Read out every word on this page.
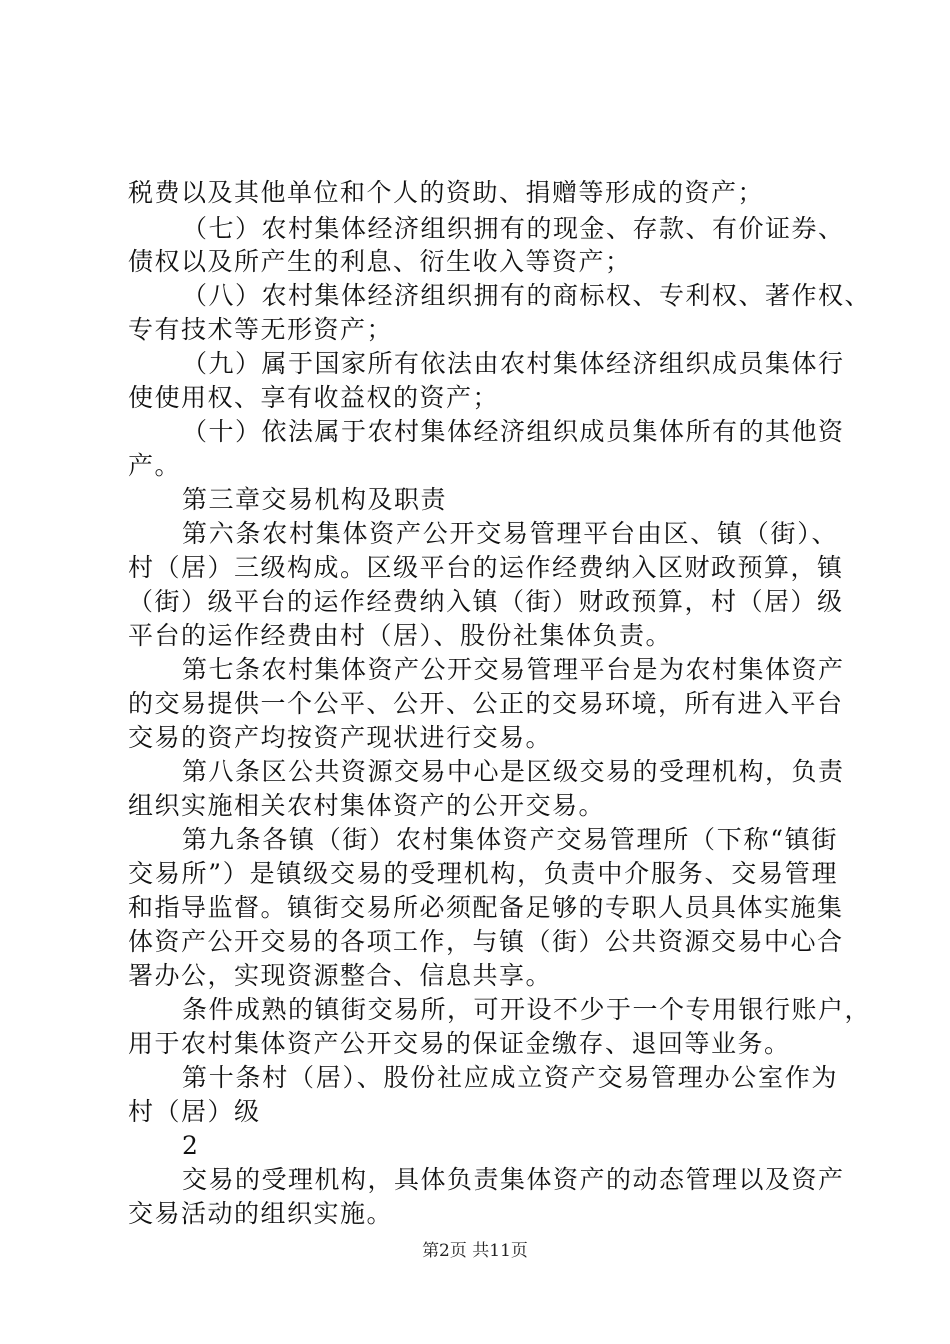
税费以及其他单位和个人的资助、捐赠等形成的资产；
（七）农村集体经济组织拥有的现金、存款、有价证券、
债权以及所产生的利息、衍生收入等资产；
（八）农村集体经济组织拥有的商标权、专利权、著作权、
专有技术等无形资产；
（九）属于国家所有依法由农村集体经济组织成员集体行
使使用权、享有收益权的资产；
（十）依法属于农村集体经济组织成员集体所有的其他资
产。
第三章交易机构及职责
第六条农村集体资产公开交易管理平台由区、镇（街）、
村（居）三级构成。区级平台的运作经费纳入区财政预算，镇
（街）级平台的运作经费纳入镇（街）财政预算，村（居）级
平台的运作经费由村（居）、股份社集体负责。
第七条农村集体资产公开交易管理平台是为农村集体资产
的交易提供一个公平、公开、公正的交易环境，所有进入平台
交易的资产均按资产现状进行交易。
第八条区公共资源交易中心是区级交易的受理机构，负责
组织实施相关农村集体资产的公开交易。
第九条各镇（街）农村集体资产交易管理所（下称“镇街
交易所”）是镇级交易的受理机构，负责中介服务、交易管理
和指导监督。镇街交易所必须配备足够的专职人员具体实施集
体资产公开交易的各项工作，与镇（街）公共资源交易中心合
署办公，实现资源整合、信息共享。
条件成熟的镇街交易所，可开设不少于一个专用银行账户，
用于农村集体资产公开交易的保证金缴存、退回等业务。
第十条村（居）、股份社应成立资产交易管理办公室作为
村（居）级
2
交易的受理机构，具体负责集体资产的动态管理以及资产
交易活动的组织实施。
第2页 共11页
